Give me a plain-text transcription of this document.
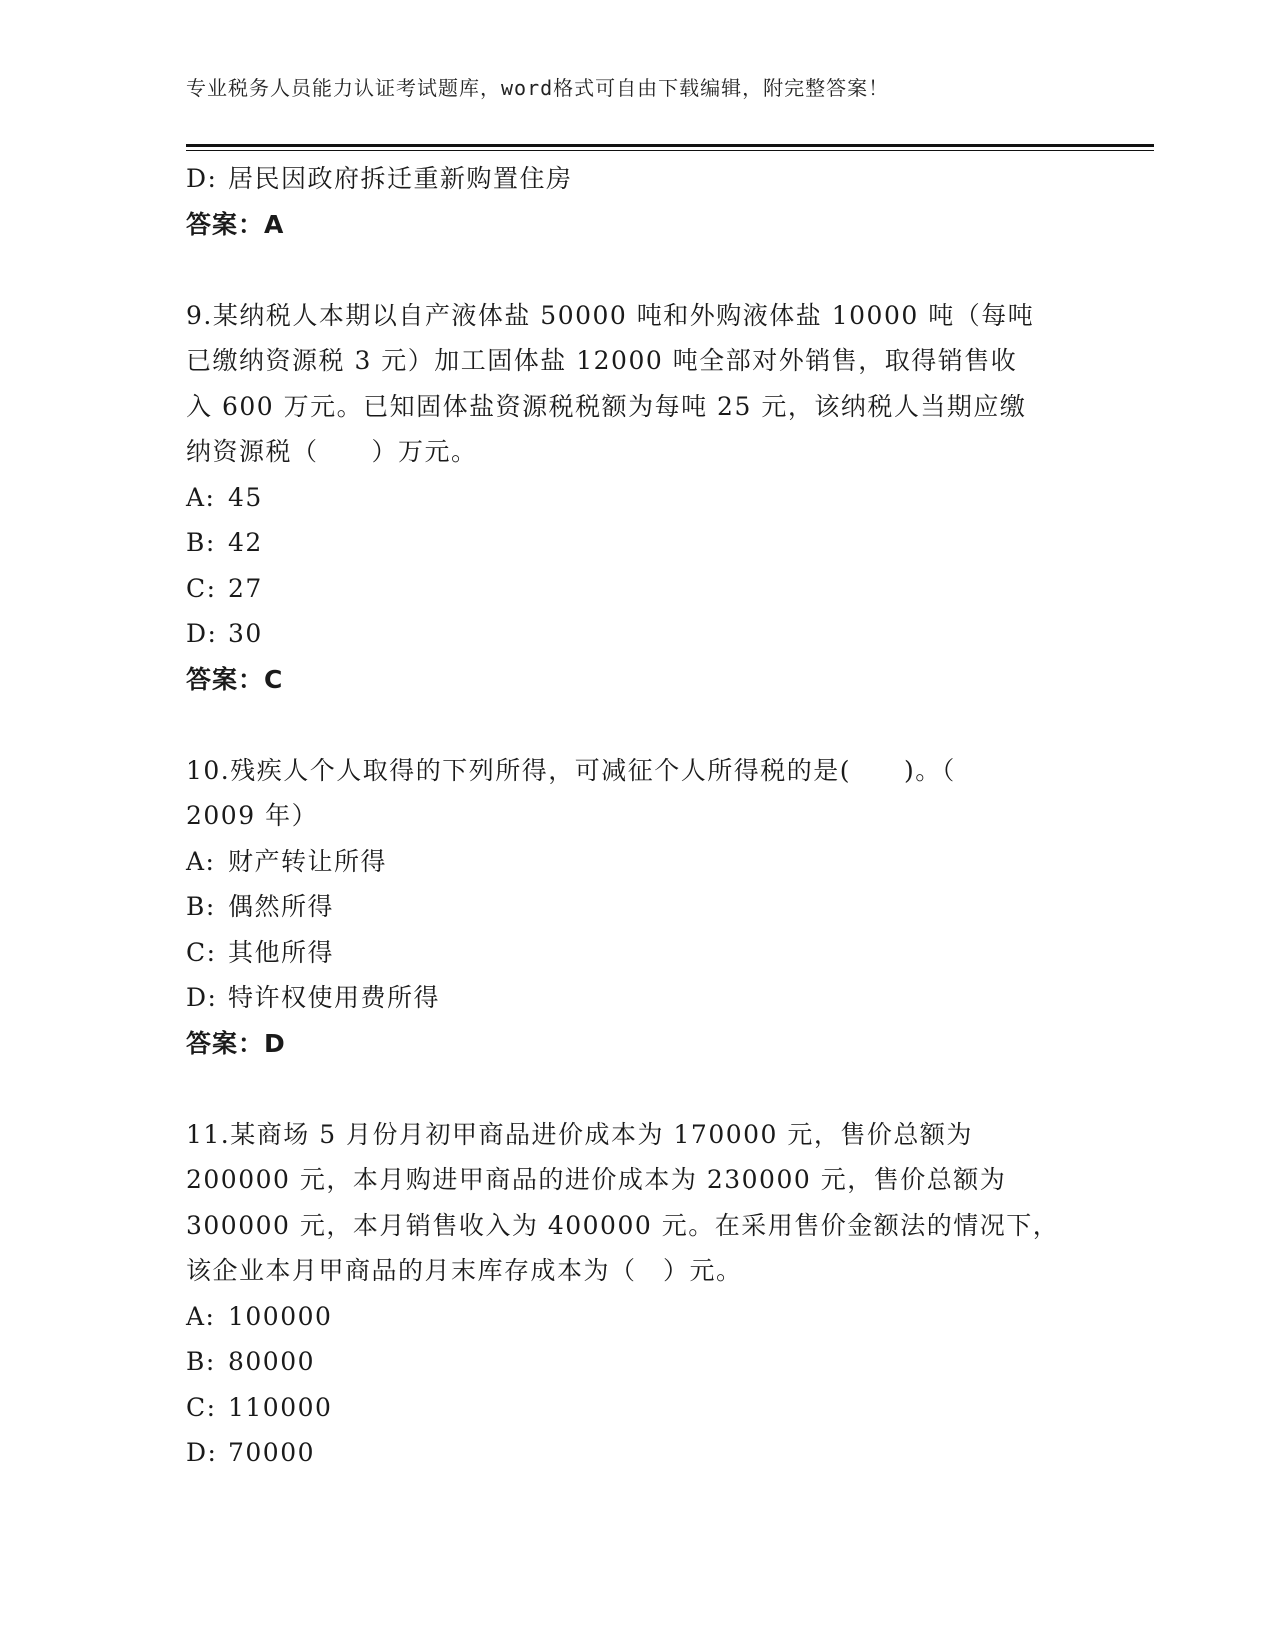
专业税务人员能力认证考试题库，word格式可自由下载编辑，附完整答案！
D: 居民因政府拆迁重新购置住房
答案：A
9.某纳税人本期以自产液体盐 50000 吨和外购液体盐 10000 吨（每吨
已缴纳资源税 3 元）加工固体盐 12000 吨全部对外销售，取得销售收
入 600 万元。已知固体盐资源税税额为每吨 25 元，该纳税人当期应缴
纳资源税（　　）万元。
A: 45
B: 42
C: 27
D: 30
答案：C
10.残疾人个人取得的下列所得，可减征个人所得税的是(　　)。（
2009 年）
A: 财产转让所得
B: 偶然所得
C: 其他所得
D: 特许权使用费所得
答案：D
11.某商场 5 月份月初甲商品进价成本为 170000 元，售价总额为
200000 元，本月购进甲商品的进价成本为 230000 元，售价总额为
300000 元，本月销售收入为 400000 元。在采用售价金额法的情况下，
该企业本月甲商品的月末库存成本为（　）元。
A: 100000
B: 80000
C: 110000
D: 70000
